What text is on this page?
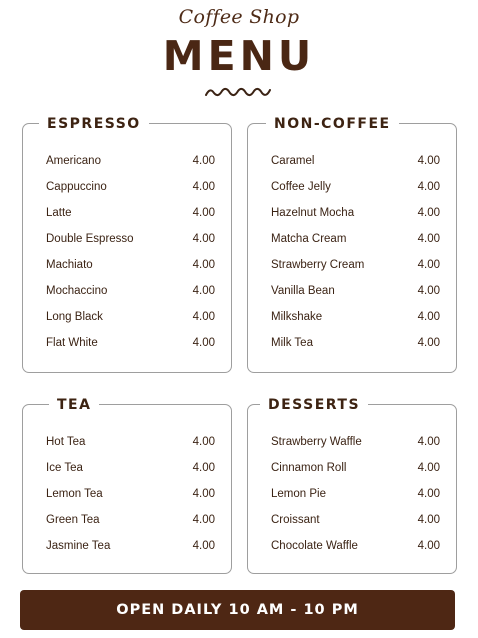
Coffee Shop
MENU
ESPRESSO
Americano	4.00
Cappuccino	4.00
Latte	4.00
Double Espresso	4.00
Machiato	4.00
Mochaccino	4.00
Long Black	4.00
Flat White	4.00
NON-COFFEE
Caramel	4.00
Coffee Jelly	4.00
Hazelnut Mocha	4.00
Matcha Cream	4.00
Strawberry Cream	4.00
Vanilla Bean	4.00
Milkshake	4.00
Milk Tea	4.00
TEA
Hot Tea	4.00
Ice Tea	4.00
Lemon Tea	4.00
Green Tea	4.00
Jasmine Tea	4.00
DESSERTS
Strawberry Waffle	4.00
Cinnamon Roll	4.00
Lemon Pie	4.00
Croissant	4.00
Chocolate Waffle	4.00
OPEN DAILY 10 AM - 10 PM
